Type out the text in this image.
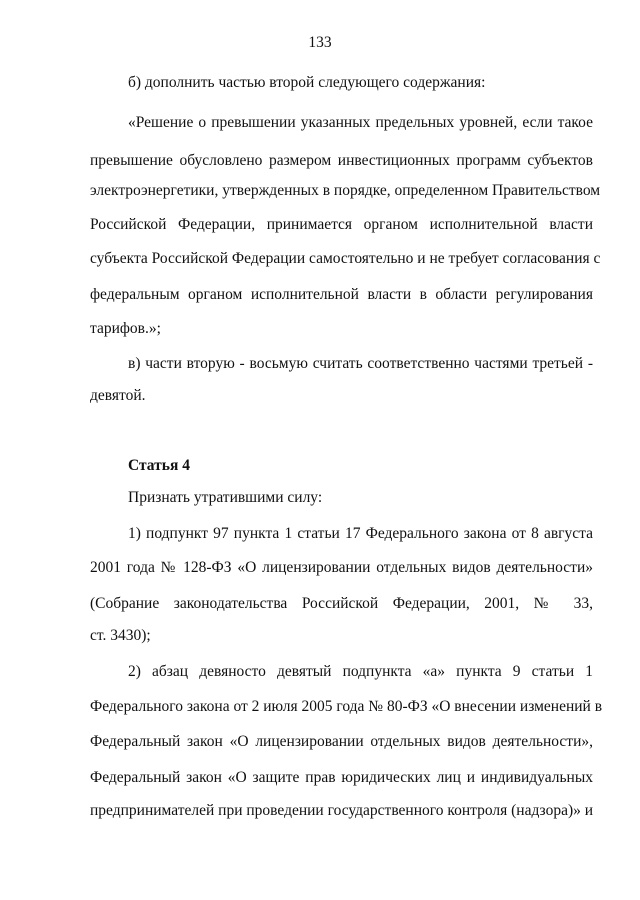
133
б) дополнить частью второй следующего содержания:
«Решение о превышении указанных предельных уровней, если такое
превышение обусловлено размером инвестиционных программ субъектов
электроэнергетики, утвержденных в порядке, определенном Правительством
Российской Федерации, принимается органом исполнительной власти
субъекта Российской Федерации самостоятельно и не требует согласования с
федеральным органом исполнительной власти в области регулирования
тарифов.»;
в) части вторую - восьмую считать соответственно частями третьей -
девятой.
Статья 4
Признать утратившими силу:
1) подпункт 97 пункта 1 статьи 17 Федерального закона от 8 августа
2001 года № 128-ФЗ «О лицензировании отдельных видов деятельности»
(Собрание законодательства Российской Федерации, 2001, № 33,
ст. 3430);
2) абзац девяносто девятый подпункта «а» пункта 9 статьи 1
Федерального закона от 2 июля 2005 года № 80-ФЗ «О внесении изменений в
Федеральный закон «О лицензировании отдельных видов деятельности»,
Федеральный закон «О защите прав юридических лиц и индивидуальных
предпринимателей при проведении государственного контроля (надзора)» и
